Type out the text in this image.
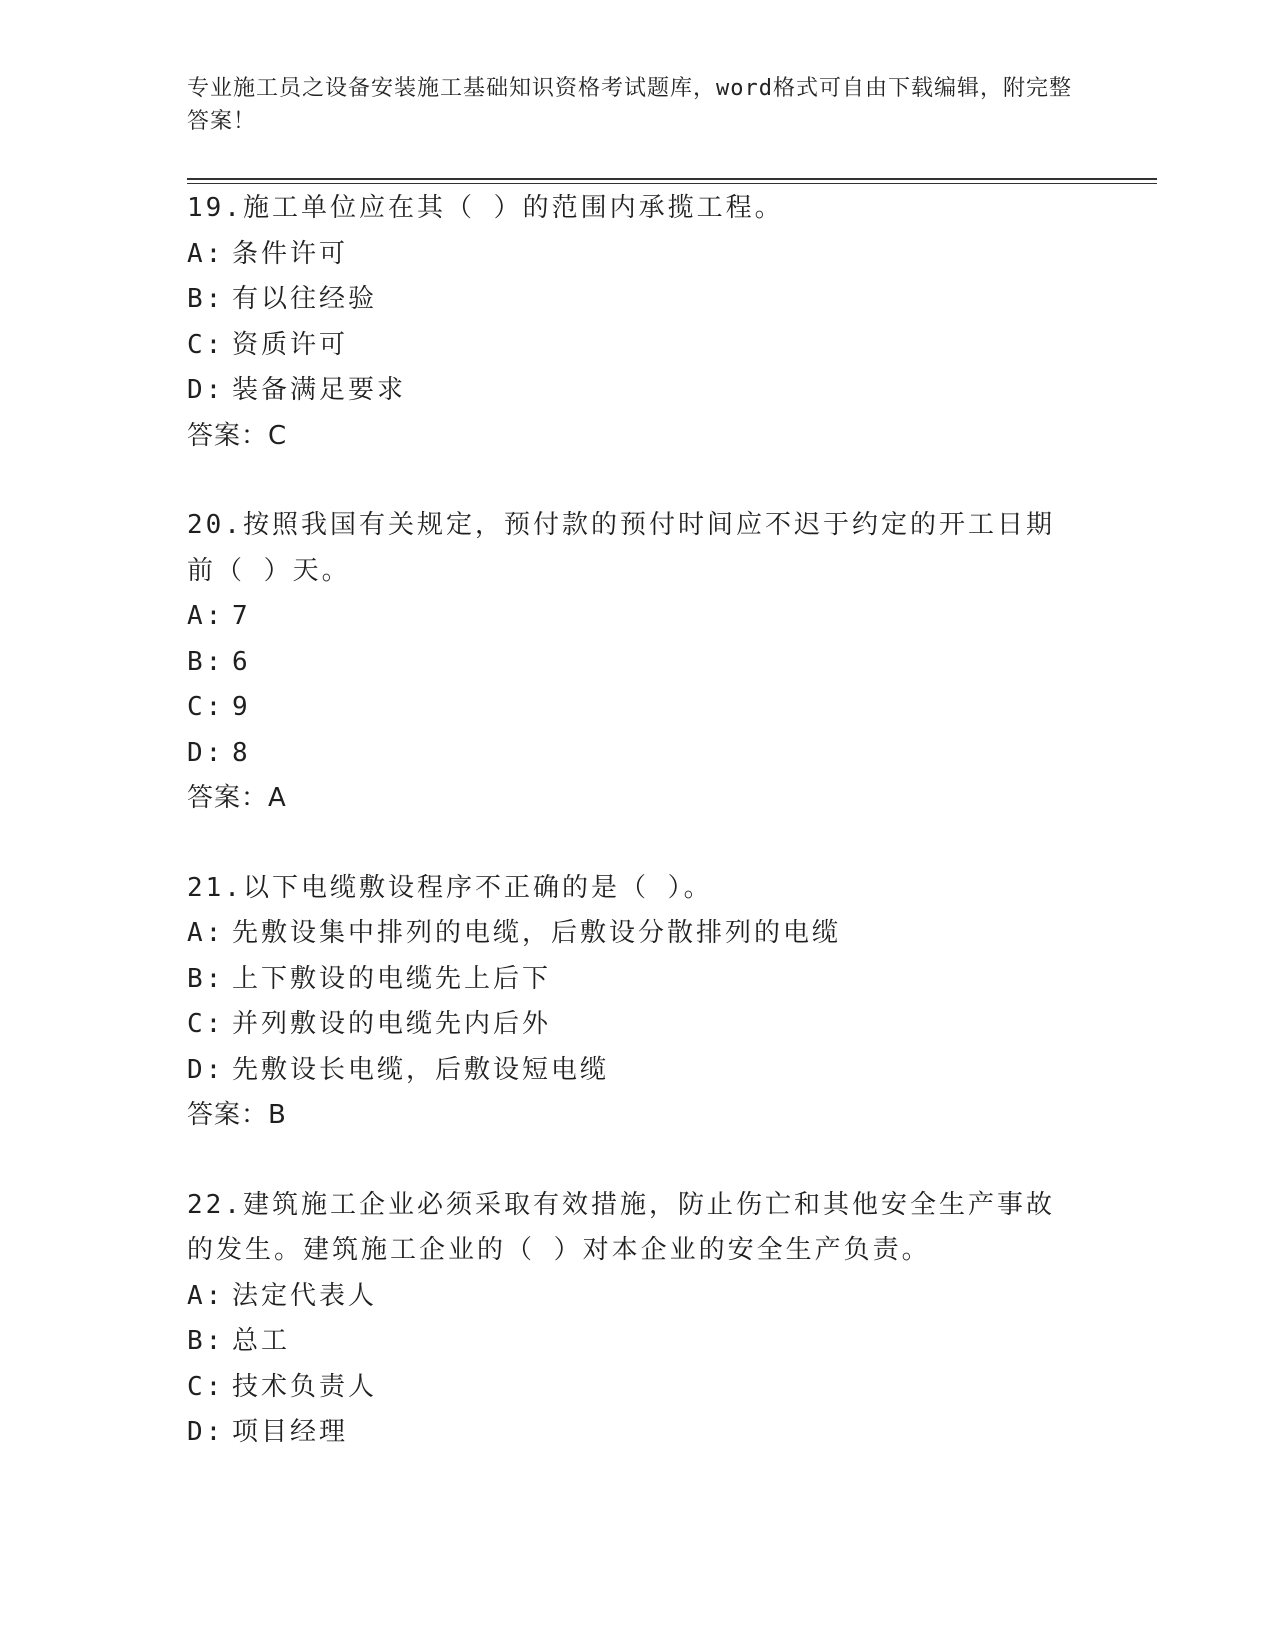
专业施工员之设备安装施工基础知识资格考试题库，word格式可自由下载编辑，附完整答案！
19.施工单位应在其（ ）的范围内承揽工程。
A: 条件许可
B: 有以往经验
C: 资质许可
D: 装备满足要求
答案：C
20.按照我国有关规定，预付款的预付时间应不迟于约定的开工日期前（ ）天。
A: 7
B: 6
C: 9
D: 8
答案：A
21.以下电缆敷设程序不正确的是（ ）。
A: 先敷设集中排列的电缆，后敷设分散排列的电缆
B: 上下敷设的电缆先上后下
C: 并列敷设的电缆先内后外
D: 先敷设长电缆，后敷设短电缆
答案：B
22.建筑施工企业必须采取有效措施，防止伤亡和其他安全生产事故的发生。建筑施工企业的（ ）对本企业的安全生产负责。
A: 法定代表人
B: 总工
C: 技术负责人
D: 项目经理
